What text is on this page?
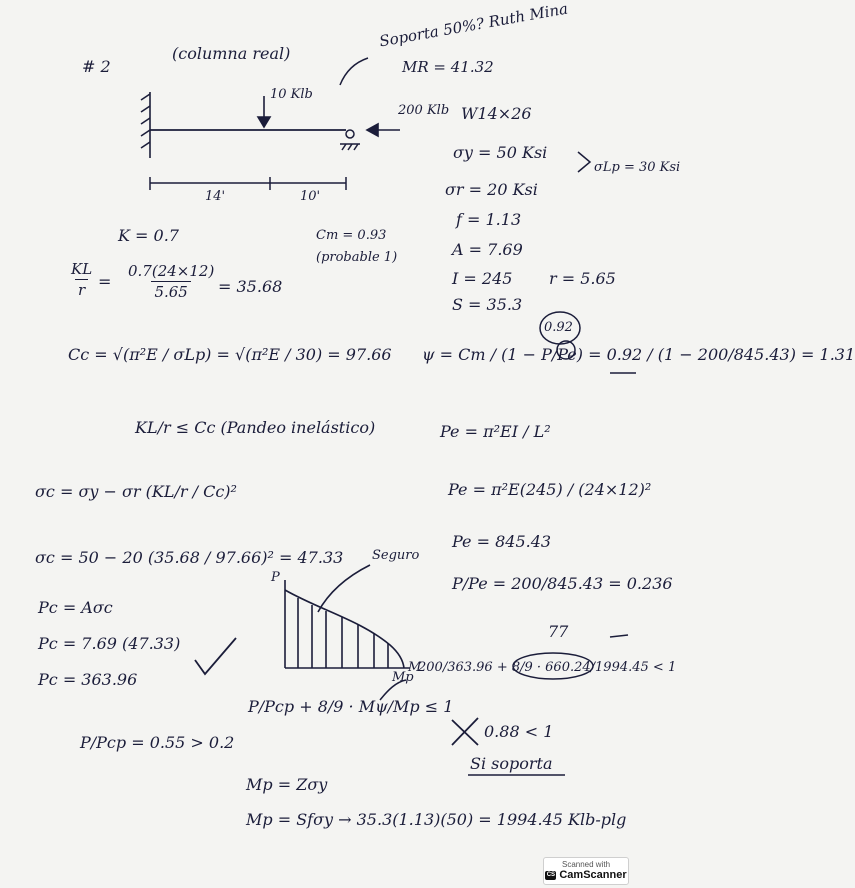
# 2
(columna real)
Soporta 50%? Ruth Mina
MR = 41.32
10 Klb
200 Klb
14'	10'
W14×26
σy = 50 Ksi
σr = 20 Ksi
σLp = 30 Ksi
f = 1.13
A = 7.69
I = 245 r = 5.65
S = 35.3
K = 0.7	Cm = 0.93
(probable 1)
$\frac{KL}{r} = \frac{0.7(24\times 12)}{5.65} = 35.68$
Cc = √(π²E / σLp) = √(π²E / 30) = 97.66
KL/r ≤ Cc (Pandeo inelástico)
σc = σy − σr (KL/r / Cc)²
σc = 50 − 20 (35.68 / 97.66)² = 47.33
Pc = Aσc
Pc = 7.69 (47.33)
Pc = 363.96
P/Pcp + 8/9 · Mψ/Mp ≤ 1
P/Pcp = 0.55 > 0.2
Mp = Zσy
Mp = Sfσy → 35.3(1.13)(50) = 1994.45 Klb-plg
ψ = Cm / (1 − P/Pe) = 0.92 / (1 − 200/845.43) = 1.31
0.92
Pe = π²EI / L²
Pe = π²E(245) / (24×12)²
Pe = 845.43
P/Pe = 200/845.43 = 0.236
77
200/363.96 + 8/9 · 660.24/1994.45 < 1
0.88 < 1
Si soporta
P
Seguro
Mp
M
Scanned with
CS CamScanner
